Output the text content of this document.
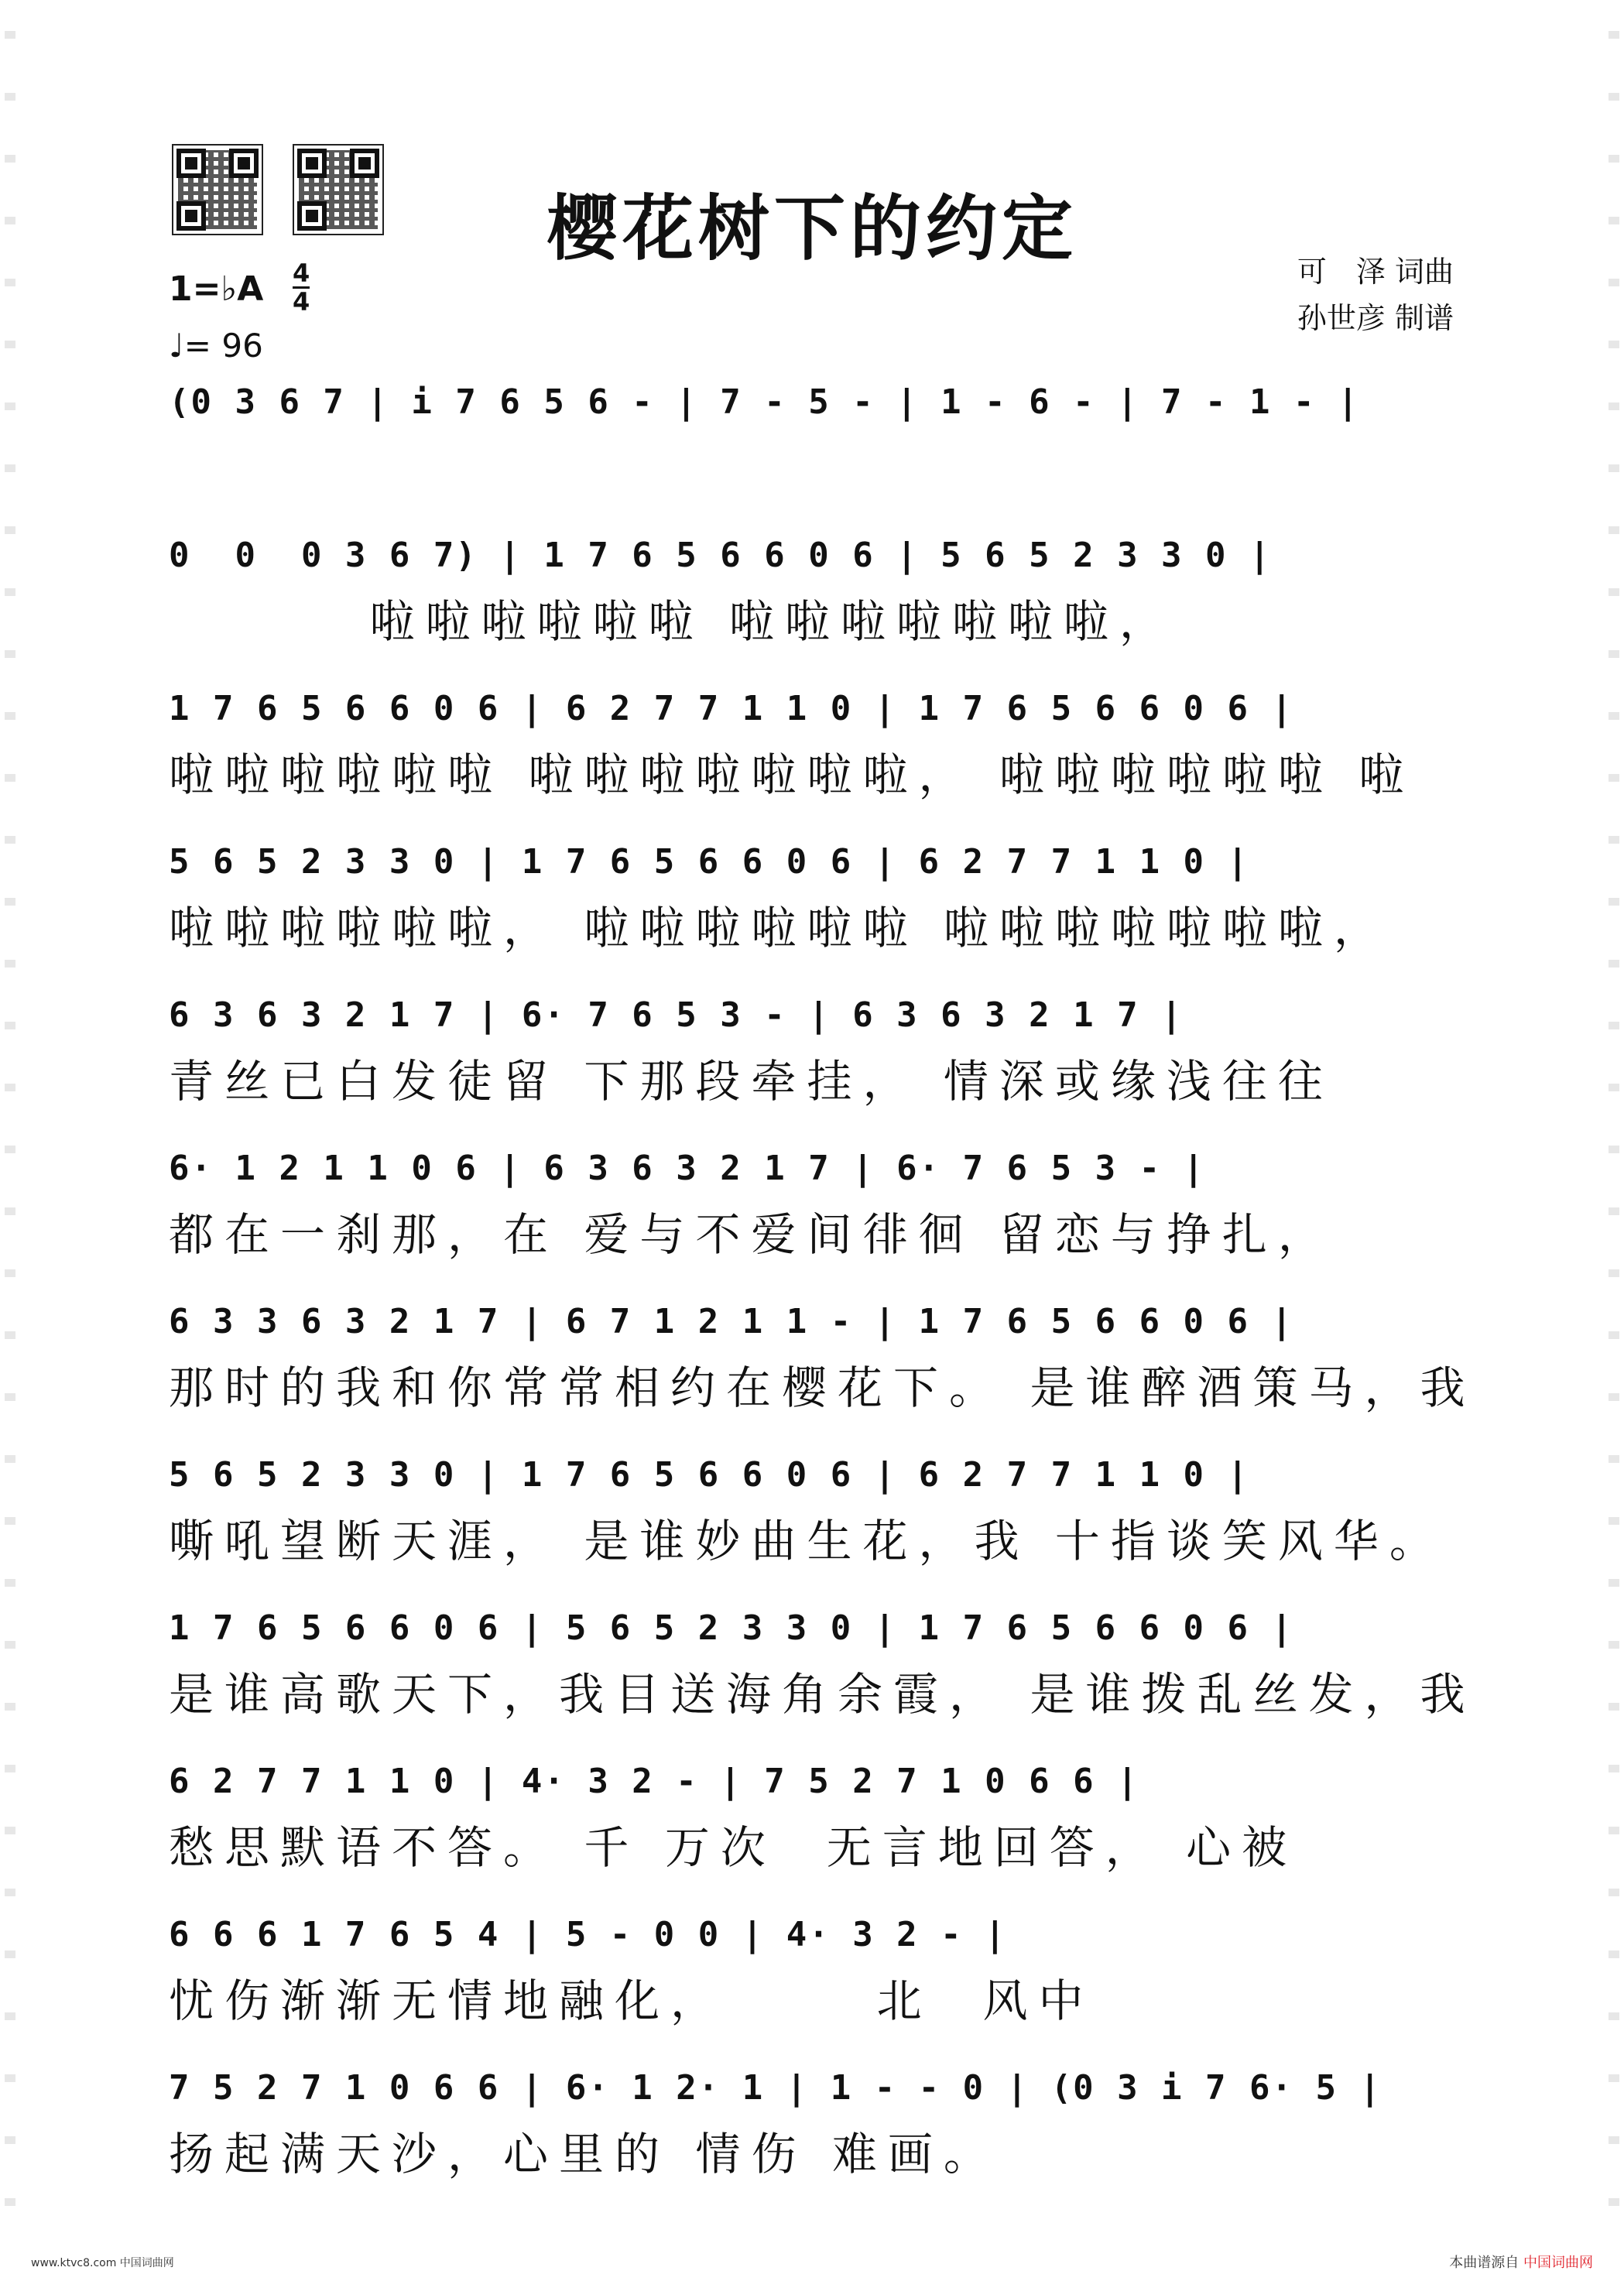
樱花树下的约定
可　泽 词曲
孙世彦 制谱
1=♭A 4
4
♩= 96
(0 3 6 7 | i 7 6 5 6 - | 7 - 5 - | 1 - 6 - | 7 - 1 - |
0  0  0 3 6 7) | 1 7 6 5 6 6 0 6 | 5 6 5 2 3 3 0 |
啦啦啦啦啦啦 啦啦啦啦啦啦啦，
1 7 6 5 6 6 0 6 | 6 2 7 7 1 1 0 | 1 7 6 5 6 6 0 6 |
啦啦啦啦啦啦 啦啦啦啦啦啦啦， 啦啦啦啦啦啦 啦
5 6 5 2 3 3 0 | 1 7 6 5 6 6 0 6 | 6 2 7 7 1 1 0 |
啦啦啦啦啦啦， 啦啦啦啦啦啦 啦啦啦啦啦啦啦，
6 3 6 3 2 1 7 | 6· 7 6 5 3 - | 6 3 6 3 2 1 7 |
青丝已白发徒留 下那段牵挂， 情深或缘浅往往
6· 1 2 1 1 0 6 | 6 3 6 3 2 1 7 | 6· 7 6 5 3 - |
都在一刹那，在 爱与不爱间徘徊 留恋与挣扎，
6 3 3 6 3 2 1 7 | 6 7 1 2 1 1 - | 1 7 6 5 6 6 0 6 |
那时的我和你常常相约在樱花下。 是谁醉酒策马，我
5 6 5 2 3 3 0 | 1 7 6 5 6 6 0 6 | 6 2 7 7 1 1 0 |
嘶吼望断天涯， 是谁妙曲生花，我 十指谈笑风华。
1 7 6 5 6 6 0 6 | 5 6 5 2 3 3 0 | 1 7 6 5 6 6 0 6 |
是谁高歌天下，我目送海角余霞， 是谁拨乱丝发，我
6 2 7 7 1 1 0 | 4· 3 2 - | 7 5 2 7 1 0 6 6 |
愁思默语不答。 千 万次  无言地回答， 心被
6 6 6 1 7 6 5 4 | 5 - 0 0 | 4· 3 2 - |
忧伤渐渐无情地融化，      北  风中
7 5 2 7 1 0 6 6 | 6· 1 2· 1 | 1 - - 0 | (0 3 i 7 6· 5 |
扬起满天沙，心里的 情伤 难画。
www.ktvc8.com 中国词曲网	本曲谱源自 中国词曲网
